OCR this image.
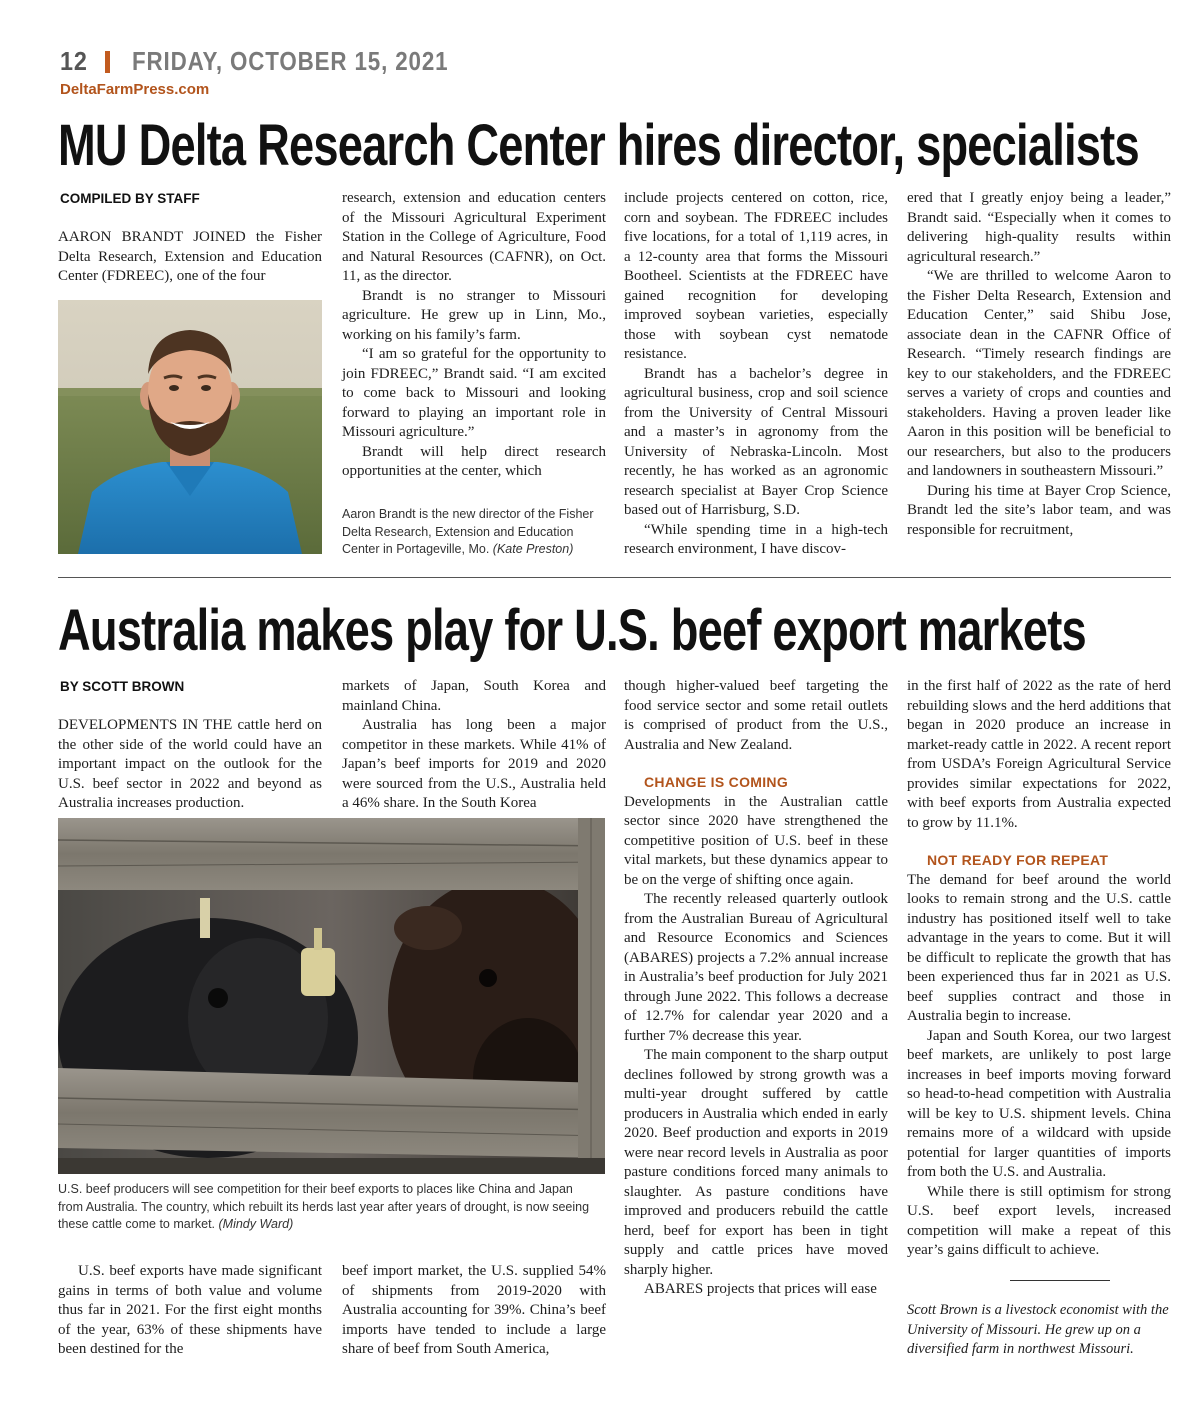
12 FRIDAY, OCTOBER 15, 2021
DeltaFarmPress.com
MU Delta Research Center hires director, specialists
COMPILED BY STAFF

AARON BRANDT JOINED the Fisher Delta Research, Extension and Education Center (FDREEC), one of the four

research, extension and education centers of the Missouri Agricultural Experiment Station in the College of Agriculture, Food and Natural Resources (CAFNR), on Oct. 11, as the director.

Brandt is no stranger to Missouri agriculture. He grew up in Linn, Mo., working on his family’s farm.

“I am so grateful for the opportunity to join FDREEC,” Brandt said. “I am excited to come back to Missouri and looking forward to playing an important role in Missouri agriculture.”

Brandt will help direct research opportunities at the center, which

Aaron Brandt is the new director of the Fisher Delta Research, Extension and Education Center in Portageville, Mo. (Kate Preston)

include projects centered on cotton, rice, corn and soybean. The FDREEC includes five locations, for a total of 1,119 acres, in a 12-county area that forms the Missouri Bootheel. Scientists at the FDREEC have gained recognition for developing improved soybean varieties, especially those with soybean cyst nematode resistance.

Brandt has a bachelor’s degree in agricultural business, crop and soil science from the University of Central Missouri and a master’s in agronomy from the University of Nebraska-Lincoln. Most recently, he has worked as an agronomic research specialist at Bayer Crop Science based out of Harrisburg, S.D.

“While spending time in a high-tech research environment, I have discov-

ered that I greatly enjoy being a leader,” Brandt said. “Especially when it comes to delivering high-quality results within agricultural research.”

“We are thrilled to welcome Aaron to the Fisher Delta Research, Extension and Education Center,” said Shibu Jose, associate dean in the CAFNR Office of Research. “Timely research findings are key to our stakeholders, and the FDREEC serves a variety of crops and counties and stakeholders. Having a proven leader like Aaron in this position will be beneficial to our researchers, but also to the producers and landowners in southeastern Missouri.”

During his time at Bayer Crop Science, Brandt led the site’s labor team, and was responsible for recruitment,

Australia makes play for U.S. beef export markets
BY SCOTT BROWN

DEVELOPMENTS IN THE cattle herd on the other side of the world could have an important impact on the outlook for the U.S. beef sector in 2022 and beyond as Australia increases production.

markets of Japan, South Korea and mainland China.

Australia has long been a major competitor in these markets. While 41% of Japan’s beef imports for 2019 and 2020 were sourced from the U.S., Australia held a 46% share. In the South Korea

U.S. beef producers will see competition for their beef exports to places like China and Japan from Australia. The country, which rebuilt its herds last year after years of drought, is now seeing these cattle come to market. (Mindy Ward)

U.S. beef exports have made significant gains in terms of both value and volume thus far in 2021. For the first eight months of the year, 63% of these shipments have been destined for the

beef import market, the U.S. supplied 54% of shipments from 2019-2020 with Australia accounting for 39%. China’s beef imports have tended to include a large share of beef from South America,

though higher-valued beef targeting the food service sector and some retail outlets is comprised of product from the U.S., Australia and New Zealand.

CHANGE IS COMING

Developments in the Australian cattle sector since 2020 have strengthened the competitive position of U.S. beef in these vital markets, but these dynamics appear to be on the verge of shifting once again.

The recently released quarterly outlook from the Australian Bureau of Agricultural and Resource Economics and Sciences (ABARES) projects a 7.2% annual increase in Australia’s beef production for July 2021 through June 2022. This follows a decrease of 12.7% for calendar year 2020 and a further 7% decrease this year.

The main component to the sharp output declines followed by strong growth was a multi-year drought suffered by cattle producers in Australia which ended in early 2020. Beef production and exports in 2019 were near record levels in Australia as poor pasture conditions forced many animals to slaughter. As pasture conditions have improved and producers rebuild the cattle herd, beef for export has been in tight supply and cattle prices have moved sharply higher.

ABARES projects that prices will ease

in the first half of 2022 as the rate of herd rebuilding slows and the herd additions that began in 2020 produce an increase in market-ready cattle in 2022. A recent report from USDA’s Foreign Agricultural Service provides similar expectations for 2022, with beef exports from Australia expected to grow by 11.1%.

NOT READY FOR REPEAT

The demand for beef around the world looks to remain strong and the U.S. cattle industry has positioned itself well to take advantage in the years to come. But it will be difficult to replicate the growth that has been experienced thus far in 2021 as U.S. beef supplies contract and those in Australia begin to increase.

Japan and South Korea, our two largest beef markets, are unlikely to post large increases in beef imports moving forward so head-to-head competition with Australia will be key to U.S. shipment levels. China remains more of a wildcard with upside potential for larger quantities of imports from both the U.S. and Australia.

While there is still optimism for strong U.S. beef export levels, increased competition will make a repeat of this year’s gains difficult to achieve.

Scott Brown is a livestock economist with the University of Missouri. He grew up on a diversified farm in northwest Missouri.
